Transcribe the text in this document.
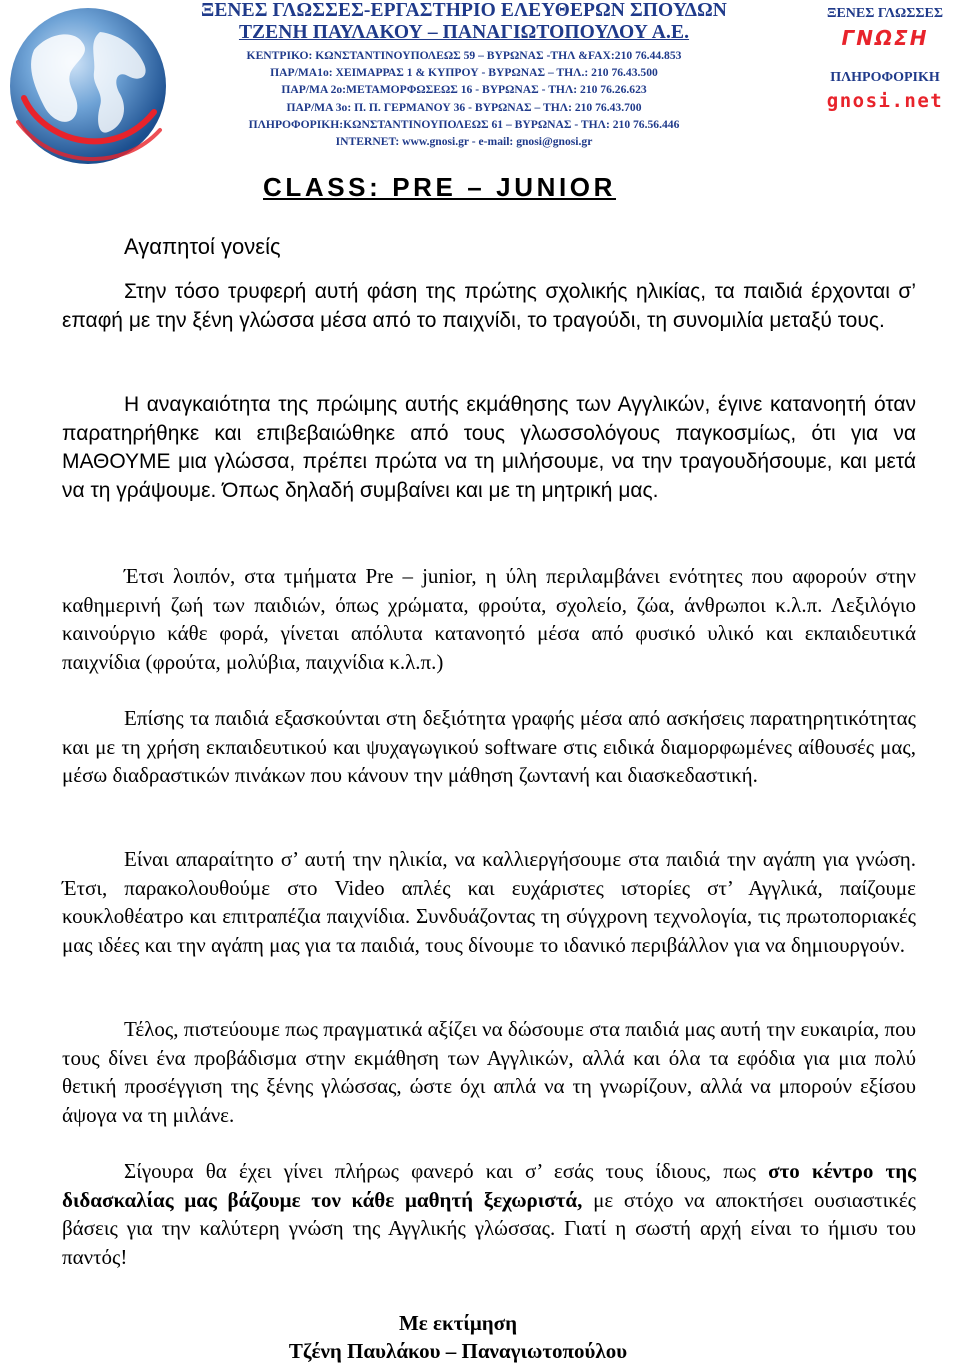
ΞΕΝΕΣ ΓΛΩΣΣΕΣ-ΕΡΓΑΣΤΗΡΙΟ ΕΛΕΥΘΕΡΩΝ ΣΠΟΥΔΩΝ
ΤΖΕΝΗ ΠΑΥΛΑΚΟΥ – ΠΑΝΑΓΙΩΤΟΠΟΥΛΟΥ Α.Ε.
ΚΕΝΤΡΙΚΟ: ΚΩΝΣΤΑΝΤΙΝΟΥΠΟΛΕΩΣ 59 – ΒΥΡΩΝΑΣ -ΤΗΛ &FAX:210 76.44.853
ΠΑΡ/ΜΑ1ο: ΧΕΙΜΑΡΡΑΣ 1 & ΚΥΠΡΟΥ - ΒΥΡΩΝΑΣ – ΤΗΛ.: 210 76.43.500
ΠΑΡ/ΜΑ 2ο:ΜΕΤΑΜΟΡΦΩΣΕΩΣ 16 - ΒΥΡΩΝΑΣ - ΤΗΛ: 210 76.26.623
ΠΑΡ/ΜΑ 3ο: Π. Π. ΓΕΡΜΑΝΟΥ 36 - ΒΥΡΩΝΑΣ – ΤΗΛ: 210 76.43.700
ΠΛΗΡΟΦΟΡΙΚΗ:ΚΩΝΣΤΑΝΤΙΝΟΥΠΟΛΕΩΣ 61 – ΒΥΡΩΝΑΣ - ΤΗΛ: 210 76.56.446
INTERNET: www.gnosi.gr - e-mail: gnosi@gnosi.gr
ΞΕΝΕΣ ΓΛΩΣΣΕΣ
ΓΝΩΣΗ
ΠΛΗΡΟΦΟΡΙΚΗ
gnosi.net
CLASS: PRE – JUNIOR
Αγαπητοί γονείς

Στην τόσο τρυφερή αυτή φάση της πρώτης σχολικής ηλικίας, τα παιδιά έρχονται σ’ επαφή με την ξένη γλώσσα μέσα από το παιχνίδι, το τραγούδι, τη συνομιλία μεταξύ τους.

Η αναγκαιότητα της πρώιμης αυτής εκμάθησης των Αγγλικών, έγινε κατανοητή όταν παρατηρήθηκε και επιβεβαιώθηκε από τους γλωσσολόγους παγκοσμίως, ότι για να ΜΑΘΟΥΜΕ μια γλώσσα, πρέπει πρώτα να τη μιλήσουμε, να την τραγουδήσουμε, και μετά να τη γράψουμε. Όπως δηλαδή συμβαίνει και με τη μητρική μας.

Έτσι λοιπόν, στα τμήματα Pre – junior, η ύλη περιλαμβάνει ενότητες που αφορούν στην καθημερινή ζωή των παιδιών, όπως χρώματα, φρούτα, σχολείο, ζώα, άνθρωποι κ.λ.π. Λεξιλόγιο καινούργιο κάθε φορά, γίνεται απόλυτα κατανοητό μέσα από φυσικό υλικό και εκπαιδευτικά παιχνίδια (φρούτα, μολύβια, παιχνίδια κ.λ.π.)

Επίσης τα παιδιά εξασκούνται στη δεξιότητα γραφής μέσα από ασκήσεις παρατηρητικότητας και με τη χρήση εκπαιδευτικού και ψυχαγωγικού software στις ειδικά διαμορφωμένες αίθουσές μας, μέσω διαδραστικών πινάκων που κάνουν την μάθηση ζωντανή και διασκεδαστική.

Είναι απαραίτητο σ’ αυτή την ηλικία, να καλλιεργήσουμε στα παιδιά την αγάπη για γνώση. Έτσι, παρακολουθούμε στο Video απλές και ευχάριστες ιστορίες στ’ Αγγλικά, παίζουμε κουκλοθέατρο και επιτραπέζια παιχνίδια. Συνδυάζοντας τη σύγχρονη τεχνολογία, τις πρωτοποριακές μας ιδέες και την αγάπη μας για τα παιδιά, τους δίνουμε το ιδανικό περιβάλλον για να δημιουργούν.

Τέλος, πιστεύουμε πως πραγματικά αξίζει να δώσουμε στα παιδιά μας αυτή την ευκαιρία, που τους δίνει ένα προβάδισμα στην εκμάθηση των Αγγλικών, αλλά και όλα τα εφόδια για μια πολύ θετική προσέγγιση της ξένης γλώσσας, ώστε όχι απλά να τη γνωρίζουν, αλλά να μπορούν εξίσου άψογα να τη μιλάνε.

Σίγουρα θα έχει γίνει πλήρως φανερό και σ’ εσάς τους ίδιους, πως στο κέντρο της διδασκαλίας μας βάζουμε τον κάθε μαθητή ξεχωριστά, με στόχο να αποκτήσει ουσιαστικές βάσεις για την καλύτερη γνώση της Αγγλικής γλώσσας. Γιατί η σωστή αρχή είναι το ήμισυ του παντός!

Με εκτίμηση
Τζένη Παυλάκου – Παναγιωτοπούλου
